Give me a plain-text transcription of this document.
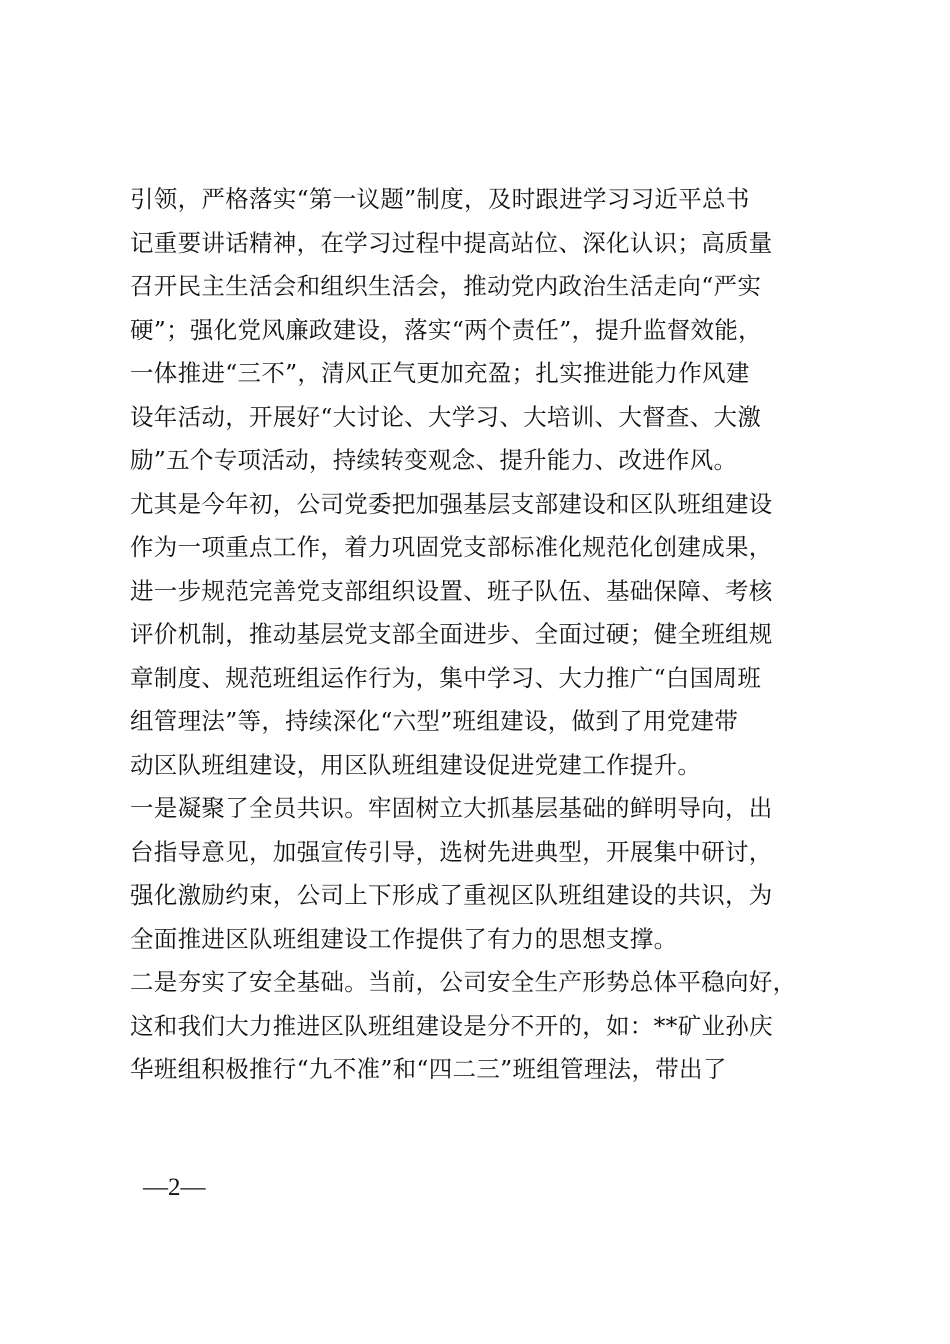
引领，严格落实“第一议题”制度，及时跟进学习习近平总书
记重要讲话精神，在学习过程中提高站位、深化认识；高质量
召开民主生活会和组织生活会，推动党内政治生活走向“严实
硬”；强化党风廉政建设，落实“两个责任”，提升监督效能，
一体推进“三不”，清风正气更加充盈；扎实推进能力作风建
设年活动，开展好“大讨论、大学习、大培训、大督查、大激
励”五个专项活动，持续转变观念、提升能力、改进作风。
尤其是今年初，公司党委把加强基层支部建设和区队班组建设
作为一项重点工作，着力巩固党支部标准化规范化创建成果，
进一步规范完善党支部组织设置、班子队伍、基础保障、考核
评价机制，推动基层党支部全面进步、全面过硬；健全班组规
章制度、规范班组运作行为，集中学习、大力推广“白国周班
组管理法”等，持续深化“六型”班组建设，做到了用党建带
动区队班组建设，用区队班组建设促进党建工作提升。
一是凝聚了全员共识。牢固树立大抓基层基础的鲜明导向，出
台指导意见，加强宣传引导，选树先进典型，开展集中研讨，
强化激励约束，公司上下形成了重视区队班组建设的共识，为
全面推进区队班组建设工作提供了有力的思想支撑。
二是夯实了安全基础。当前，公司安全生产形势总体平稳向好，
这和我们大力推进区队班组建设是分不开的，如：**矿业孙庆
华班组积极推行“九不准”和“四二三”班组管理法，带出了
—2—
